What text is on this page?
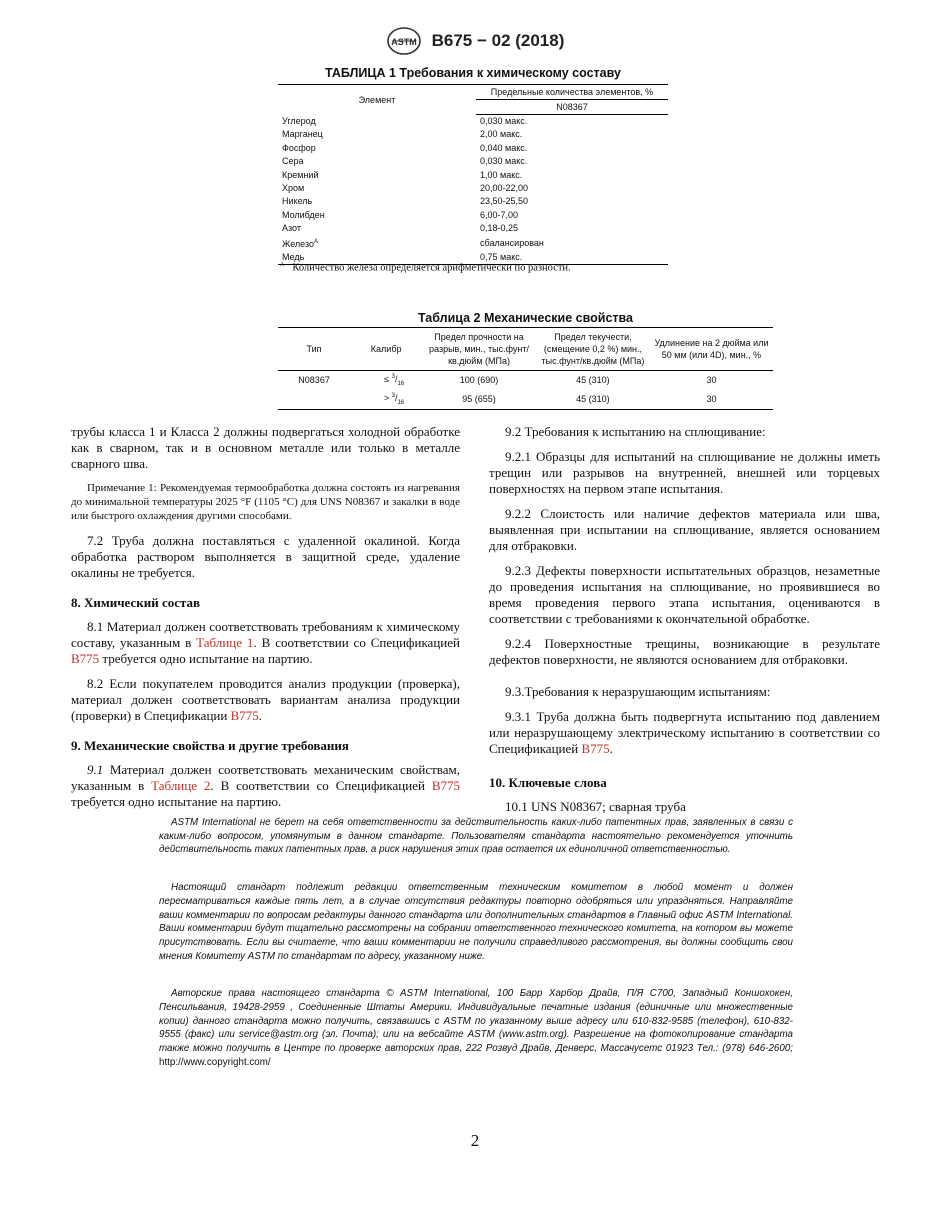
ASTM B675 − 02 (2018)
ТАБЛИЦА 1 Требования к химическому составу
Элемент	Предельные количества элементов, %
	N08367
Углерод	0,030 макс.
Марганец	2,00 макс.
Фосфор	0,040 макс.
Сера	0,030 макс.
Кремний	1,00 макс.
Хром	20,00-22,00
Никель	23,50-25,50
Молибден	6,00-7,00
Азот	0,18-0,25
Железо$^A$	сбалансирован
Медь	0,75 макс.
$^A$ Количество железа определяется арифметически по разности.
Таблица 2 Механические свойства
Тип	Калибр	Предел прочности на разрыв, мин., тыс.фунт/кв.дюйм (МПа)	Предел текучести, (смещение 0,2 %) мин., тыс.фунт/кв.дюйм (МПа)	Удлинение на 2 дюйма или 50 мм (или 4D), мин., %
N08367	≤ $^3/_{16}$	100 (690)	45 (310)	30
	> $^3/_{16}$	95 (655)	45 (310)	30

трубы класса 1 и Класса 2 должны подвергаться холодной обработке как в сварном, так и в основном металле или только в металле сварного шва.

Примечание 1: Рекомендуемая термообработка должна состоять из нагревания до минимальной температуры 2025 °F (1105 °C) для UNS N08367 и закалки в воде или быстрого охлаждения другими способами.

7.2 Труба должна поставляться с удаленной окалиной. Когда обработка раствором выполняется в защитной среде, удаление окалины не требуется.

8. Химический состав

8.1 Материал должен соответствовать требованиям к химическому составу, указанным в Таблице 1. В соответствии со Спецификацией B775 требуется одно испытание на партию.

8.2 Если покупателем проводится анализ продукции (проверка), материал должен соответствовать вариантам анализа продукции (проверки) в Спецификации B775.

9. Механические свойства и другие требования

9.1 Материал должен соответствовать механическим свойствам, указанным в Таблице 2. В соответствии со Спецификацией B775 требуется одно испытание на партию.

9.2 Требования к испытанию на сплющивание:

9.2.1 Образцы для испытаний на сплющивание не должны иметь трещин или разрывов на внутренней, внешней или торцевых поверхностях на первом этапе испытания.

9.2.2 Слоистость или наличие дефектов материала или шва, выявленная при испытании на сплющивание, является основанием для отбраковки.

9.2.3 Дефекты поверхности испытательных образцов, незаметные до проведения испытания на сплющивание, но проявившиеся во время проведения первого этапа испытания, оцениваются в соответствии с требованиями к окончательной обработке.

9.2.4 Поверхностные трещины, возникающие в результате дефектов поверхности, не являются основанием для отбраковки.

9.3.Требования к неразрушающим испытаниям:

9.3.1 Труба должна быть подвергнута испытанию под давлением или неразрушающему электрическому испытанию в соответствии со Спецификацией B775.

10. Ключевые слова

10.1 UNS N08367; сварная труба

ASTM International не берет на себя ответственности за действительность каких-либо патентных прав, заявленных в связи с каким-либо вопросом, упомянутым в данном стандарте. Пользователям стандарта настоятельно рекомендуется уточнить действительность таких патентных прав, а риск нарушения этих прав остается их единоличной ответственностью.

Настоящий стандарт подлежит редакции ответственным техническим комитетом в любой момент и должен пересматриваться каждые пять лет, а в случае отсутствия редактуры повторно одобряться или упраздняться. Направляйте ваши комментарии по вопросам редактуры данного стандарта или дополнительных стандартов в Главный офис ASTM International. Ваши комментарии будут тщательно рассмотрены на собрании ответственного технического комитета, на котором вы можете присутствовать. Если вы считаете, что ваши комментарии не получили справедливого рассмотрения, вы должны сообщить свои мнения Комитету ASTM по стандартам по адресу, указанному ниже.

Авторские права настоящего стандарта © ASTM International, 100 Барр Харбор Драйв, П/Я C700, Западный Коншохокен, Пенсильвания, 19428-2959 , Соединенные Штаты Америки. Индивидуальные печатные издания (единичные или множественные копии) данного стандарта можно получить, связавшись с ASTM по указанному выше адресу или 610-832-9585 (телефон), 610-832-9555 (факс) или service@astm.org (эл. Почта); или на вебсайте ASTM (www.astm.org). Разрешение на фотокопирование стандарта также можно получить в Центре по проверке авторских прав, 222 Розвуд Драйв, Денверс, Массачусетс 01923 Тел.: (978) 646-2600; http://www.copyright.com/

2
